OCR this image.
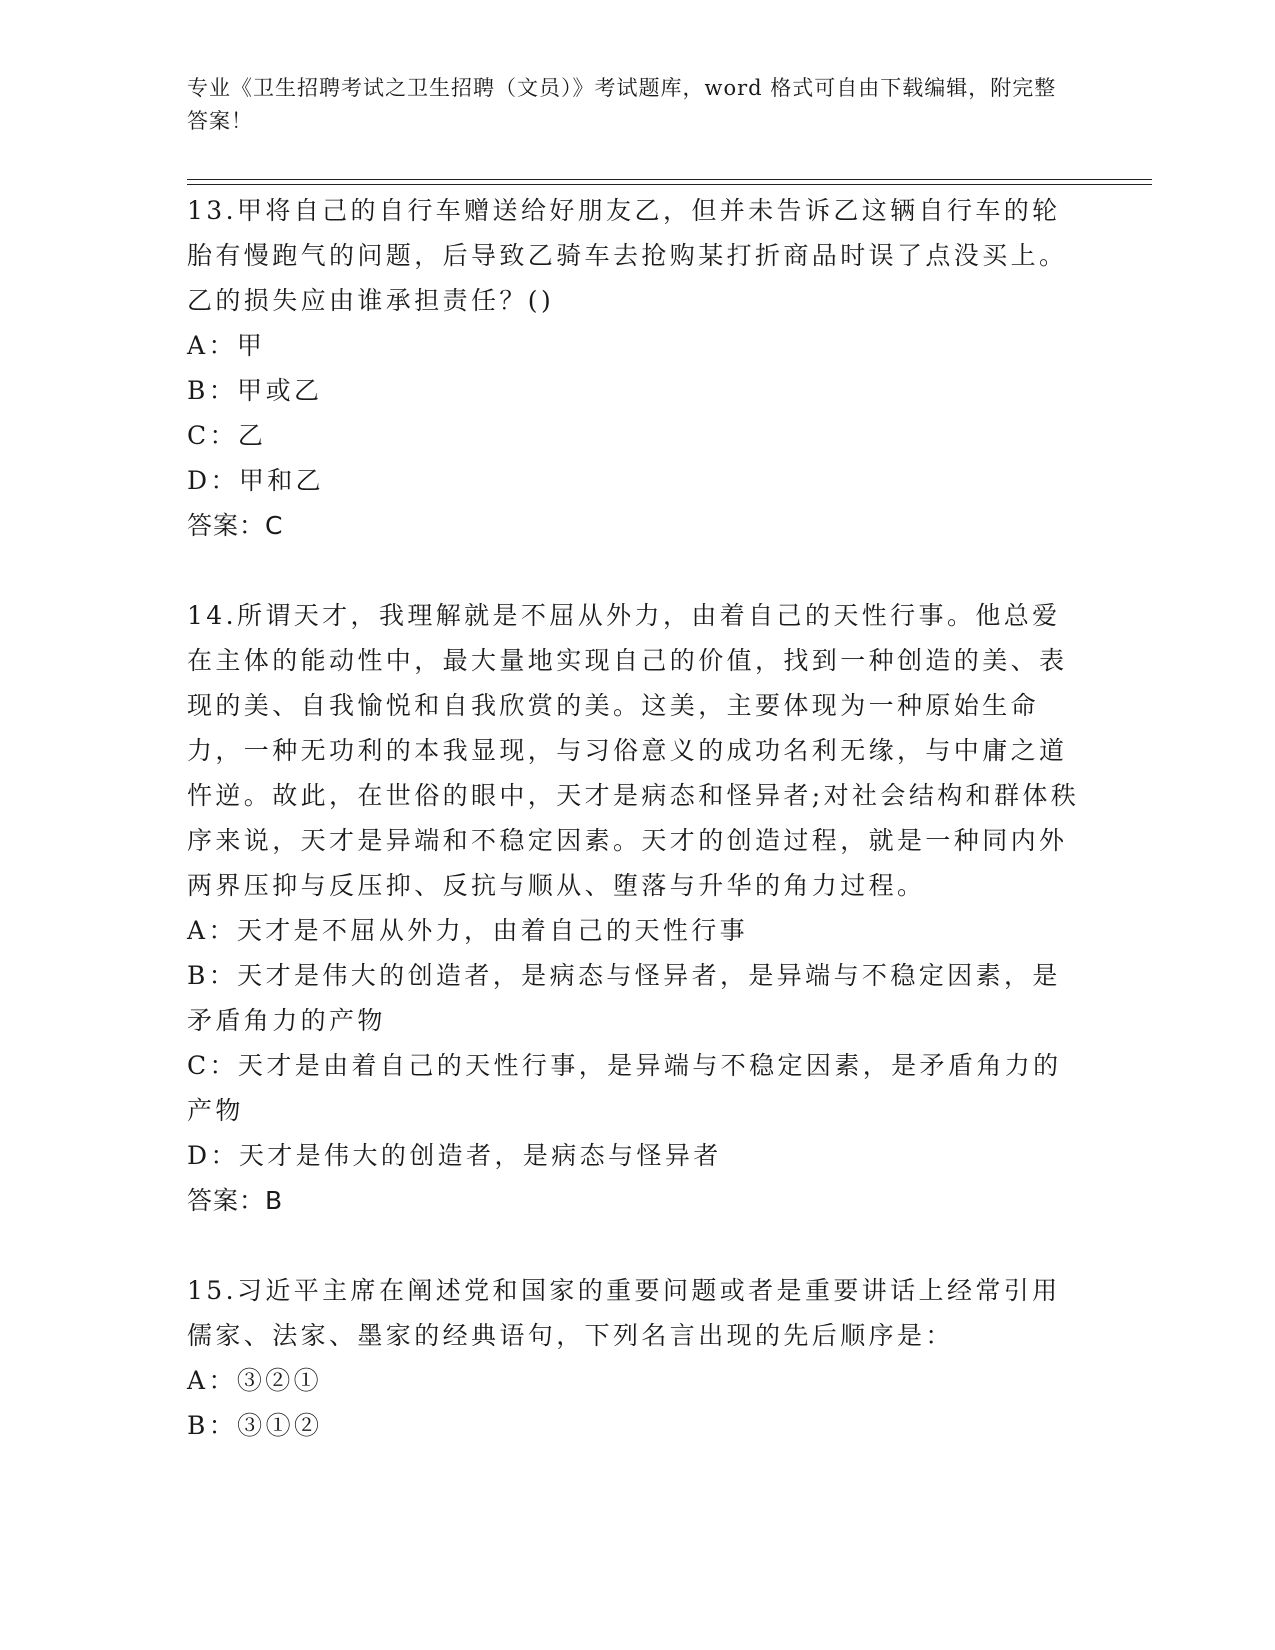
专业《卫生招聘考试之卫生招聘（文员）》考试题库，word 格式可自由下载编辑，附完整答案！

13.甲将自己的自行车赠送给好朋友乙，但并未告诉乙这辆自行车的轮胎有慢跑气的问题，后导致乙骑车去抢购某打折商品时误了点没买上。乙的损失应由谁承担责任？()

A：甲

B：甲或乙

C：乙

D：甲和乙

答案：C

14.所谓天才，我理解就是不屈从外力，由着自己的天性行事。他总爱在主体的能动性中，最大量地实现自己的价值，找到一种创造的美、表现的美、自我愉悦和自我欣赏的美。这美，主要体现为一种原始生命力，一种无功利的本我显现，与习俗意义的成功名利无缘，与中庸之道忤逆。故此，在世俗的眼中，天才是病态和怪异者;对社会结构和群体秩序来说，天才是异端和不稳定因素。天才的创造过程，就是一种同内外两界压抑与反压抑、反抗与顺从、堕落与升华的角力过程。

A：天才是不屈从外力，由着自己的天性行事

B：天才是伟大的创造者，是病态与怪异者，是异端与不稳定因素，是矛盾角力的产物

C：天才是由着自己的天性行事，是异端与不稳定因素，是矛盾角力的产物

D：天才是伟大的创造者，是病态与怪异者

答案：B

15.习近平主席在阐述党和国家的重要问题或者是重要讲话上经常引用儒家、法家、墨家的经典语句，下列名言出现的先后顺序是：

A：③②①

B：③①②
